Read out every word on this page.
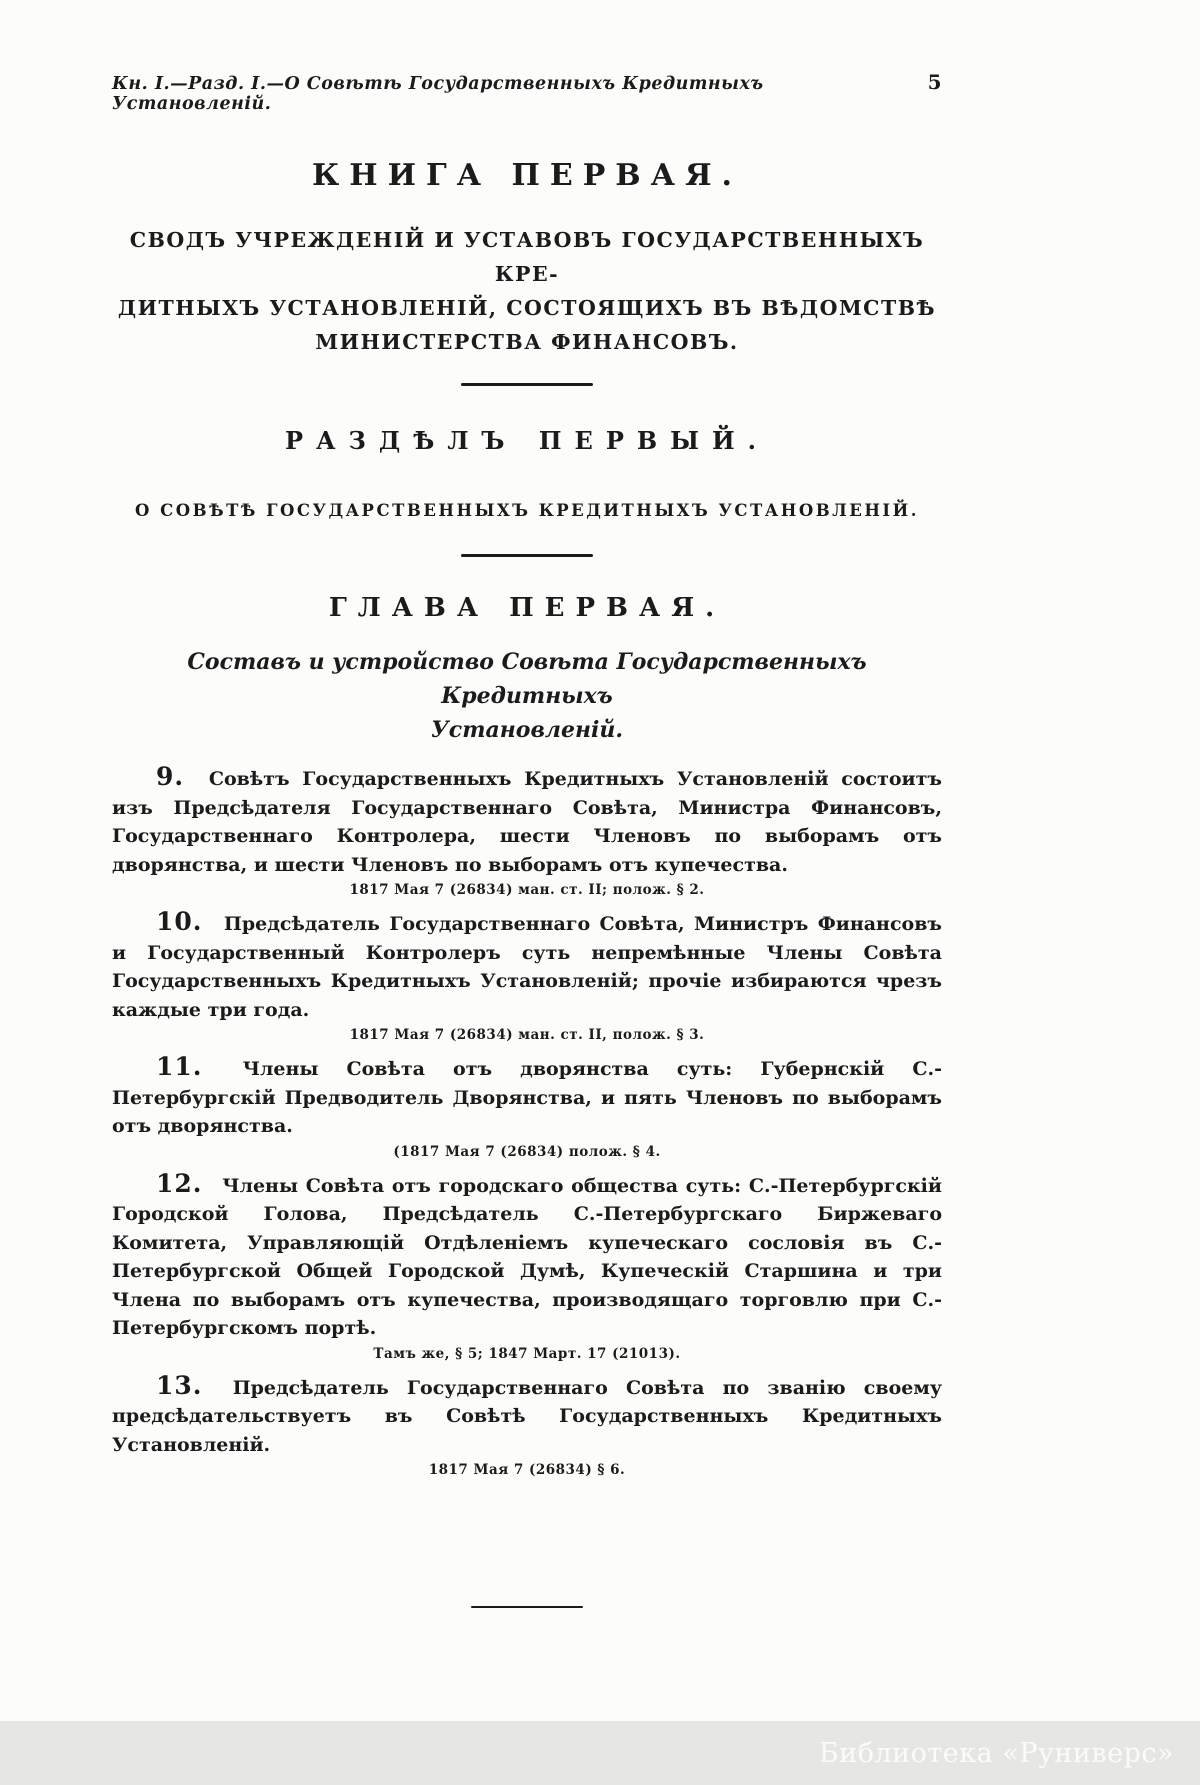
Кн. I.—Разд. I.—О Совѣтѣ Государственныхъ Кредитныхъ Установленій.
5
КНИГА ПЕРВАЯ.
СВОДЪ УЧРЕЖДЕНІЙ И УСТАВОВЪ ГОСУДАРСТВЕННЫХЪ КРЕ-
ДИТНЫХЪ УСТАНОВЛЕНІЙ, СОСТОЯЩИХЪ ВЪ ВѢДОМСТВѢ
МИНИСТЕРСТВА ФИНАНСОВЪ.
РАЗДѢЛЪ ПЕРВЫЙ.
О СОВѢТѢ ГОСУДАРСТВЕННЫХЪ КРЕДИТНЫХЪ УСТАНОВЛЕНІЙ.
ГЛАВА ПЕРВАЯ.
Составъ и устройство Совѣта Государственныхъ Кредитныхъ
Установленій.

9. Совѣтъ Государственныхъ Кредитныхъ Установленій состоитъ изъ Предсѣдателя Государственнаго Совѣта, Министра Финансовъ, Государственнаго Контролера, шести Членовъ по выборамъ отъ дворянства, и шести Членовъ по выборамъ отъ купечества.

1817 Мая 7 (26834) ман. ст. II; полож. § 2.

10. Предсѣдатель Государственнаго Совѣта, Министръ Финансовъ и Государственный Контролеръ суть непремѣнные Члены Совѣта Государственныхъ Кредитныхъ Установленій; прочіе избираются чрезъ каждые три года.

1817 Мая 7 (26834) ман. ст. II, полож. § 3.

11. Члены Совѣта отъ дворянства суть: Губернскій С.-Петербургскій Предводитель Дворянства, и пять Членовъ по выборамъ отъ дворянства.

(1817 Мая 7 (26834) полож. § 4.

12. Члены Совѣта отъ городскаго общества суть: С.-Петербургскій Городской Голова, Предсѣдатель С.-Петербургскаго Биржеваго Комитета, Управляющій Отдѣленіемъ купеческаго сословія въ С.-Петербургской Общей Городской Думѣ, Купеческій Старшина и три Члена по выборамъ отъ купечества, производящаго торговлю при С.-Петербургскомъ портѣ.

Тамъ же, § 5; 1847 Март. 17 (21013).

13. Предсѣдатель Государственнаго Совѣта по званію своему предсѣдательствуетъ въ Совѣтѣ Государственныхъ Кредитныхъ Установленій.

1817 Мая 7 (26834) § 6.

Библиотека «Руниверс»
